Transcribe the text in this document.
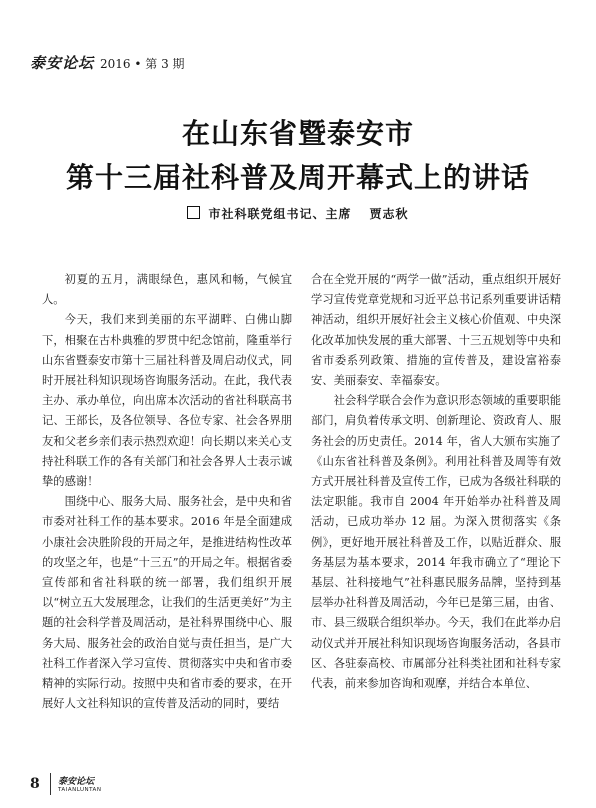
泰安论坛 2016 • 第 3 期
在山东省暨泰安市
第十三届社科普及周开幕式上的讲话
市社科联党组书记、主席 贾志秋

初夏的五月，满眼绿色，惠风和畅，气候宜人。

今天，我们来到美丽的东平湖畔、白佛山脚下，相聚在古朴典雅的罗贯中纪念馆前，隆重举行山东省暨泰安市第十三届社科普及周启动仪式，同时开展社科知识现场咨询服务活动。在此，我代表主办、承办单位，向出席本次活动的省社科联高书记、王部长，及各位领导、各位专家、社会各界朋友和父老乡亲们表示热烈欢迎！向长期以来关心支持社科联工作的各有关部门和社会各界人士表示诚挚的感谢！

围绕中心、服务大局、服务社会，是中央和省市委对社科工作的基本要求。2016 年是全面建成小康社会决胜阶段的开局之年，是推进结构性改革的攻坚之年，也是“十三五”的开局之年。根据省委宣传部和省社科联的统一部署，我们组织开展以“树立五大发展理念，让我们的生活更美好”为主题的社会科学普及周活动，是社科界围绕中心、服务大局、服务社会的政治自觉与责任担当，是广大社科工作者深入学习宣传、贯彻落实中央和省市委精神的实际行动。按照中央和省市委的要求，在开展好人文社科知识的宣传普及活动的同时，要结

合在全党开展的“两学一做”活动，重点组织开展好学习宣传党章党规和习近平总书记系列重要讲话精神活动，组织开展好社会主义核心价值观、中央深化改革加快发展的重大部署、十三五规划等中央和省市委系列政策、措施的宣传普及，建设富裕泰安、美丽泰安、幸福泰安。

社会科学联合会作为意识形态领域的重要职能部门，肩负着传承文明、创新理论、资政育人、服务社会的历史责任。2014 年，省人大颁布实施了《山东省社科普及条例》。利用社科普及周等有效方式开展社科普及宣传工作，已成为各级社科联的法定职能。我市自 2004 年开始举办社科普及周活动，已成功举办 12 届。为深入贯彻落实《条例》，更好地开展社科普及工作，以贴近群众、服务基层为基本要求，2014 年我市确立了“理论下基层、社科接地气”社科惠民服务品牌，坚持到基层举办社科普及周活动，今年已是第三届，由省、市、县三级联合组织举办。今天，我们在此举办启动仪式并开展社科知识现场咨询服务活动，各县市区、各驻泰高校、市属部分社科类社团和社科专家代表，前来参加咨询和观摩，并结合本单位、

8 泰安论坛
TAIANLUNTAN
